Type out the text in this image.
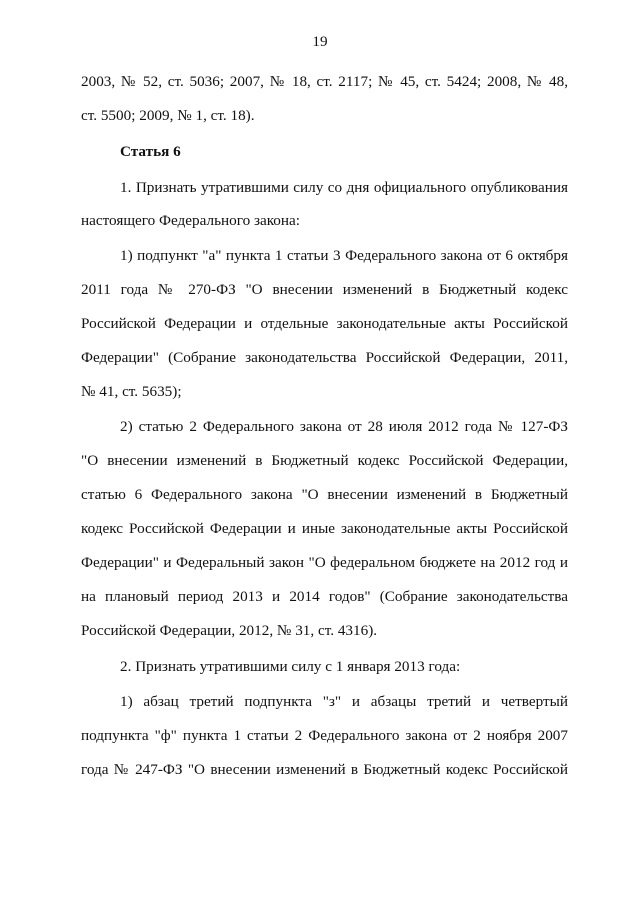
19

2003, № 52, ст. 5036; 2007, № 18, ст. 2117; № 45, ст. 5424; 2008, № 48,

ст. 5500; 2009, № 1, ст. 18).

Статья 6

1. Признать утратившими силу со дня официального опубликования

настоящего Федерального закона:

1) подпункт "а" пункта 1 статьи 3 Федерального закона от 6 октября

2011 года № 270-ФЗ "О внесении изменений в Бюджетный кодекс

Российской Федерации и отдельные законодательные акты Российской

Федерации" (Собрание законодательства Российской Федерации, 2011,

№ 41, ст. 5635);

2) статью 2 Федерального закона от 28 июля 2012 года № 127-ФЗ

"О внесении изменений в Бюджетный кодекс Российской Федерации,

статью 6 Федерального закона "О внесении изменений в Бюджетный

кодекс Российской Федерации и иные законодательные акты Российской

Федерации" и Федеральный закон "О федеральном бюджете на 2012 год и

на плановый период 2013 и 2014 годов" (Собрание законодательства

Российской Федерации, 2012, № 31, ст. 4316).

2. Признать утратившими силу с 1 января 2013 года:

1) абзац третий подпункта "з" и абзацы третий и четвертый

подпункта "ф" пункта 1 статьи 2 Федерального закона от 2 ноября 2007

года № 247-ФЗ "О внесении изменений в Бюджетный кодекс Российской
